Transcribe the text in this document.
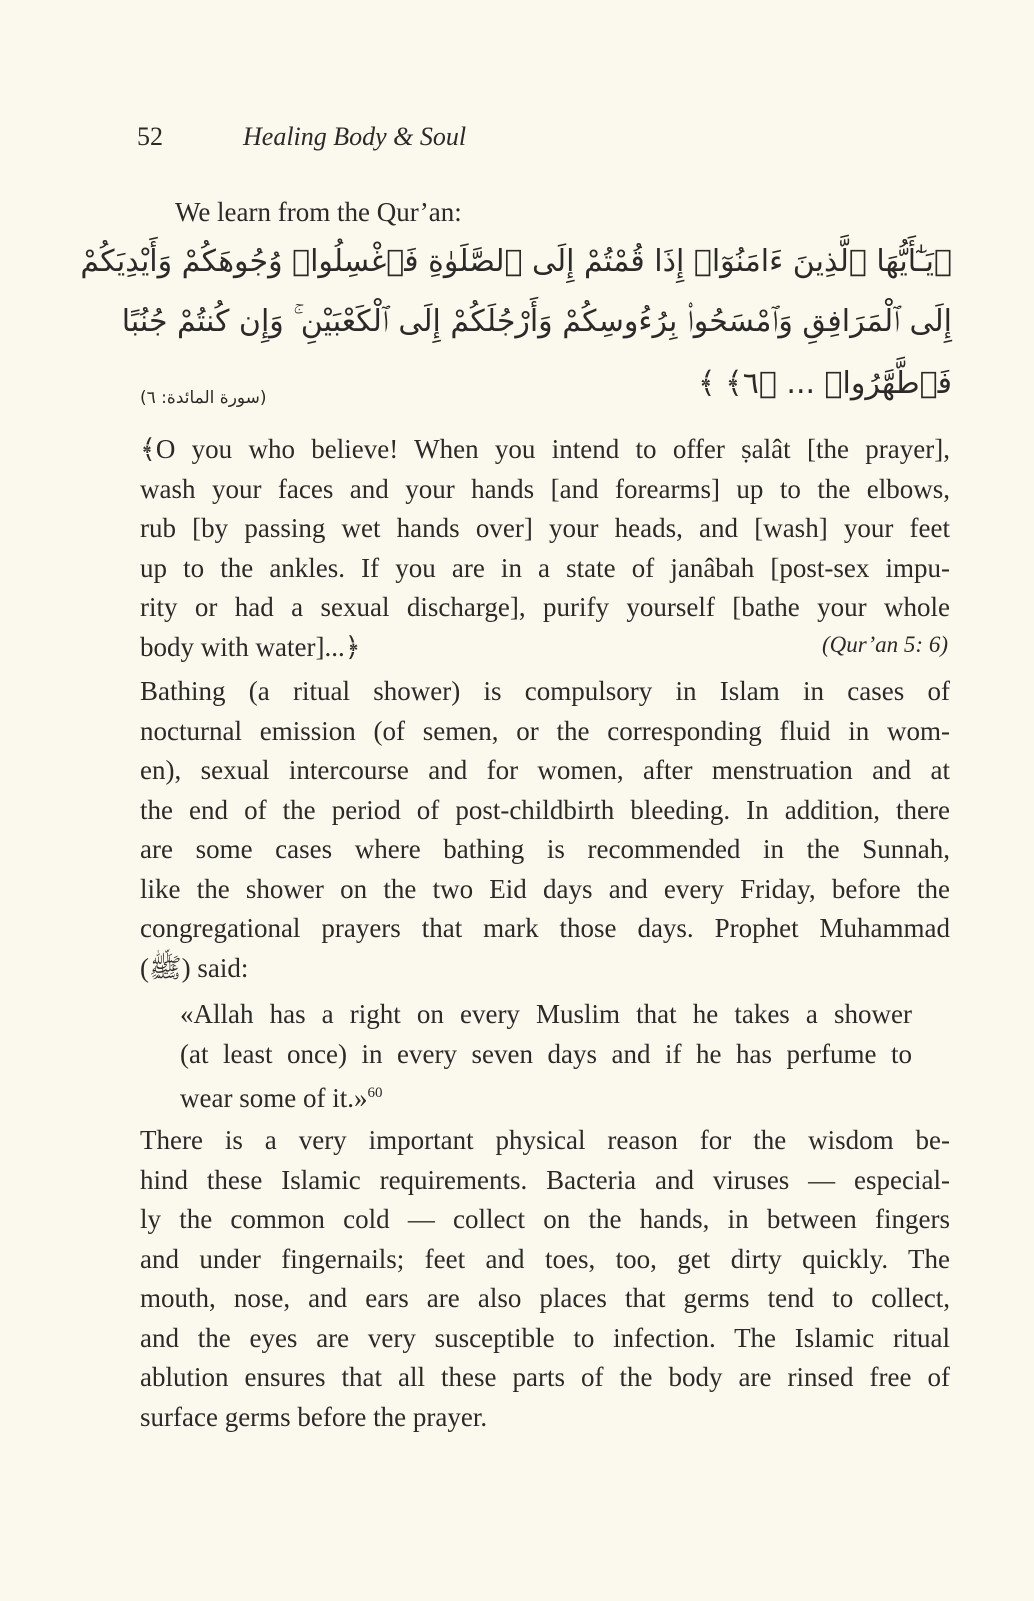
52	Healing Body & Soul
We learn from the Qur’an:
﴿يَـٰٓأَيُّهَا ٱلَّذِينَ ءَامَنُوٓا۟ إِذَا قُمْتُمْ إِلَى ٱلصَّلَوٰةِ فَٱغْسِلُوا۟ وُجُوهَكُمْ وَأَيْدِيَكُمْ
إِلَى ٱلْمَرَافِقِ وَٱمْسَحُوا۟ بِرُءُوسِكُمْ وَأَرْجُلَكُمْ إِلَى ٱلْكَعْبَيْنِ ۚ وَإِن كُنتُمْ جُنُبًا
فَٱطَّهَّرُوا۟ ... ﴿٦﴾ ﴾
(سورة المائدة: ٦)
﴾O you who believe! When you intend to offer ṣalât [the prayer],
wash your faces and your hands [and forearms] up to the elbows,
rub [by passing wet hands over] your heads, and [wash] your feet
up to the ankles. If you are in a state of janâbah [post-sex impu-
rity or had a sexual discharge], purify yourself [bathe your whole
body with water]...﴿	(Qur’an 5: 6)
Bathing (a ritual shower) is compulsory in Islam in cases of
nocturnal emission (of semen, or the corresponding fluid in wom-
en), sexual intercourse and for women, after menstruation and at
the end of the period of post-childbirth bleeding. In addition, there
are some cases where bathing is recommended in the Sunnah,
like the shower on the two Eid days and every Friday, before the
congregational prayers that mark those days. Prophet Muhammad
(ﷺ) said:
«Allah has a right on every Muslim that he takes a shower
(at least once) in every seven days and if he has perfume to
wear some of it.»$^{60}$
There is a very important physical reason for the wisdom be-
hind these Islamic requirements. Bacteria and viruses — especial-
ly the common cold — collect on the hands, in between fingers
and under fingernails; feet and toes, too, get dirty quickly. The
mouth, nose, and ears are also places that germs tend to collect,
and the eyes are very susceptible to infection. The Islamic ritual
ablution ensures that all these parts of the body are rinsed free of
surface germs before the prayer.
